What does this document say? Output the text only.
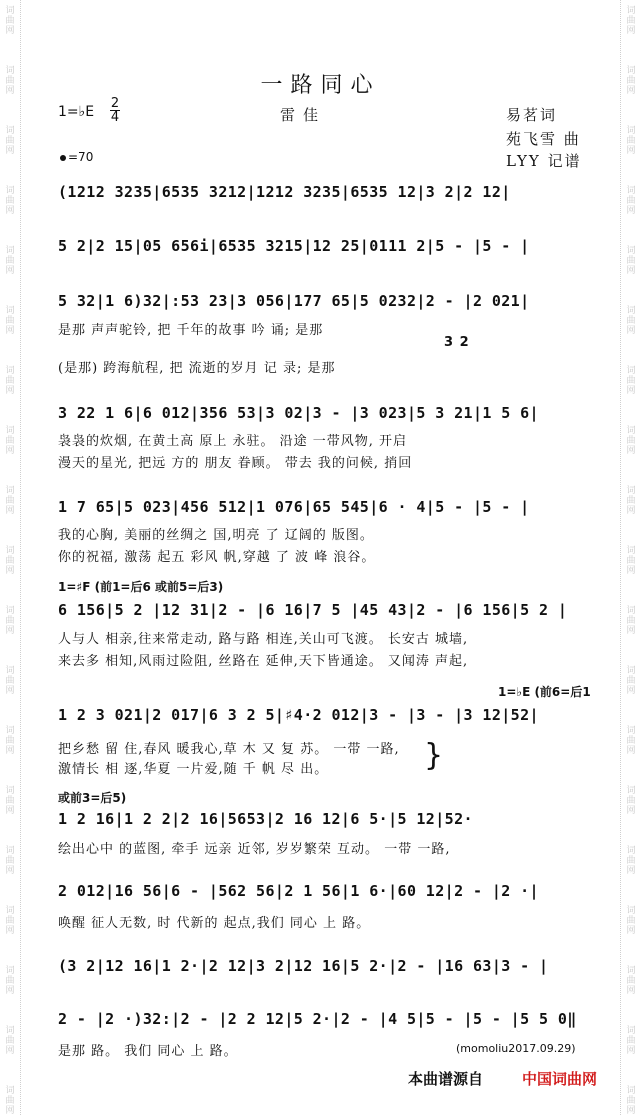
词
曲
网
词
曲
网
词
曲
网
词
曲
网
词
曲
网
词
曲
网
词
曲
网
词
曲
网
词
曲
网
词
曲
网
词
曲
网
词
曲
网
词
曲
网
词
曲
网
词
曲
网
词
曲
网
词
曲
网
词
曲
网
词
曲
网
词
曲
网
词
曲
网
词
曲
网
词
曲
网
词
曲
网
词
曲
网
词
曲
网
词
曲
网
词
曲
网
词
曲
网
词
曲
网
词
曲
网
词
曲
网
词
曲
网
词
曲
网
词
曲
网
词
曲
网
词
曲
网
词
曲
网
一路同心
1=♭E
2
4	雷佳	易茗词
苑飞雪 曲
LYY 记谱
=70
(1212 3235|6535 3212|1212 3235|6535 12|3 2|2 12|
5 2|2 15|05 656i|6535 3215|12 25|0111 2|5 - |5 - |
5 32|1 6)32|:53 23|3 056|177 65|5 0232|2 - |2 021|
是那 声声驼铃, 把 千年的故事 吟 诵; 是那
3 2
(是那) 跨海航程, 把 流逝的岁月 记 录; 是那
3 22 1 6|6 012|356 53|3 02|3 - |3 023|5 3 21|1 5 6|
袅袅的炊烟, 在黄土高 原上 永驻。 沿途 一带风物, 开启
漫天的星光, 把远 方的 朋友 眷顾。 带去 我的问候, 捎回
1 7 65|5 023|456 512|1 076|65 545|6 · 4|5 - |5 - |
我的心胸, 美丽的丝绸之 国,明亮 了 辽阔的 版图。
你的祝福, 激荡 起五 彩风 帆,穿越 了 波 峰 浪谷。
1=♯F (前1=后6 或前5=后3)
6 156|5 2 |12 31|2 - |6 16|7 5 |45 43|2 - |6 156|5 2 |
人与人 相亲,往来常走动, 路与路 相连,关山可飞渡。 长安古 城墙,
来去多 相知,风雨过险阻, 丝路在 延伸,天下皆通途。 又闻涛 声起,
1=♭E (前6=后1
1 2 3 021|2 017|6 3 2 5|♯4·2 012|3 - |3 - |3 12|52|
把乡愁 留 住,春风 暖我心,草 木 又 复 苏。 一带 一路,
激情长 相 逐,华夏 一片爱,随 千 帆 尽 出。	}
或前3=后5)
1 2 16|1 2 2|2 16|5653|2 16 12|6 5·|5 12|52·
绘出心中 的蓝图, 牵手 远亲 近邻, 岁岁繁荣 互动。 一带 一路,
2 012|16 56|6 - |562 56|2 1 56|1 6·|60 12|2 - |2 ·|
唤醒 征人无数, 时 代新的 起点,我们 同心 上 路。
(3 2|12 16|1 2·|2 12|3 2|12 16|5 2·|2 - |16 63|3 - |
2 - |2 ·)32:|2 - |2 2 12|5 2·|2 - |4 5|5 - |5 - |5 5 0‖
是那 路。 我们 同心 上 路。	(momoliu2017.09.29)
本曲谱源自	中国词曲网
